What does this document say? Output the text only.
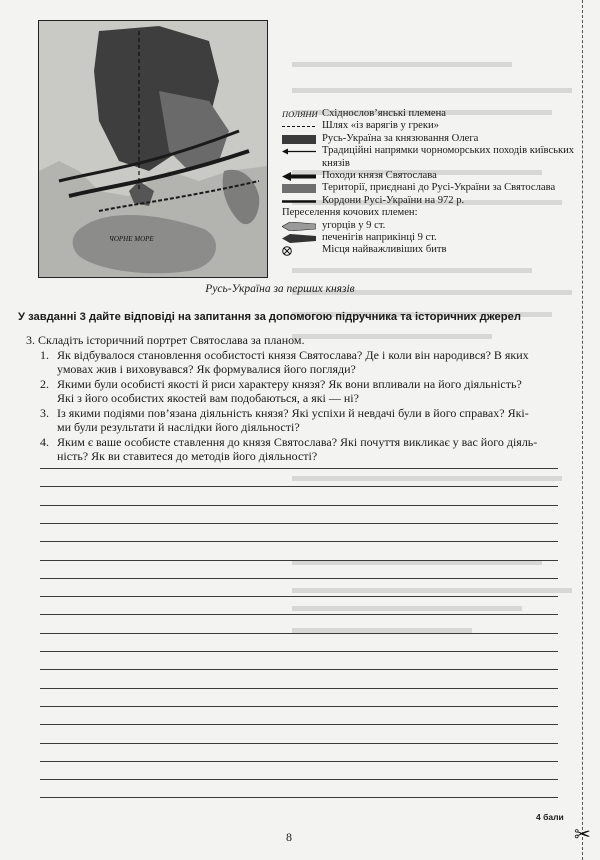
ЧОРНЕ МОРЕ
Русь-Україна за перших князів
ПОЛЯНИ Східнослов’янські племена
Шлях «із варягів у греки»
Русь-Україна за князювання Олега
Традиційні напрямки чорноморських походів київських князів
Походи князя Святослава
Території, приєднані до Русі-України за Святослава
Кордони Русі-України на 972 р.
Переселення кочових племен:
угорців у 9 ст.
печенігів наприкінці 9 ст.
Місця найважливіших битв
У завданні 3 дайте відповіді на запитання за допомогою підручника та історичних джерел
3. Складіть історичний портрет Святослава за планом.
1. Як відбувалося становлення особистості князя Святослава? Де і коли він народився? В яких
умовах жив і виховувався? Як формувалися його погляди?
2. Якими були особисті якості й риси характеру князя? Як вони впливали на його діяльність?
Які з його особистих якостей вам подобаються, а які — ні?
3. Із якими подіями пов’язана діяльність князя? Які успіхи й невдачі були в його справах? Які-
ми були результати й наслідки його діяльності?
4. Яким є ваше особисте ставлення до князя Святослава? Які почуття викликає у вас його діяль-
ність? Як ви ставитеся до методів його діяльності?
4 бали
8	✂
